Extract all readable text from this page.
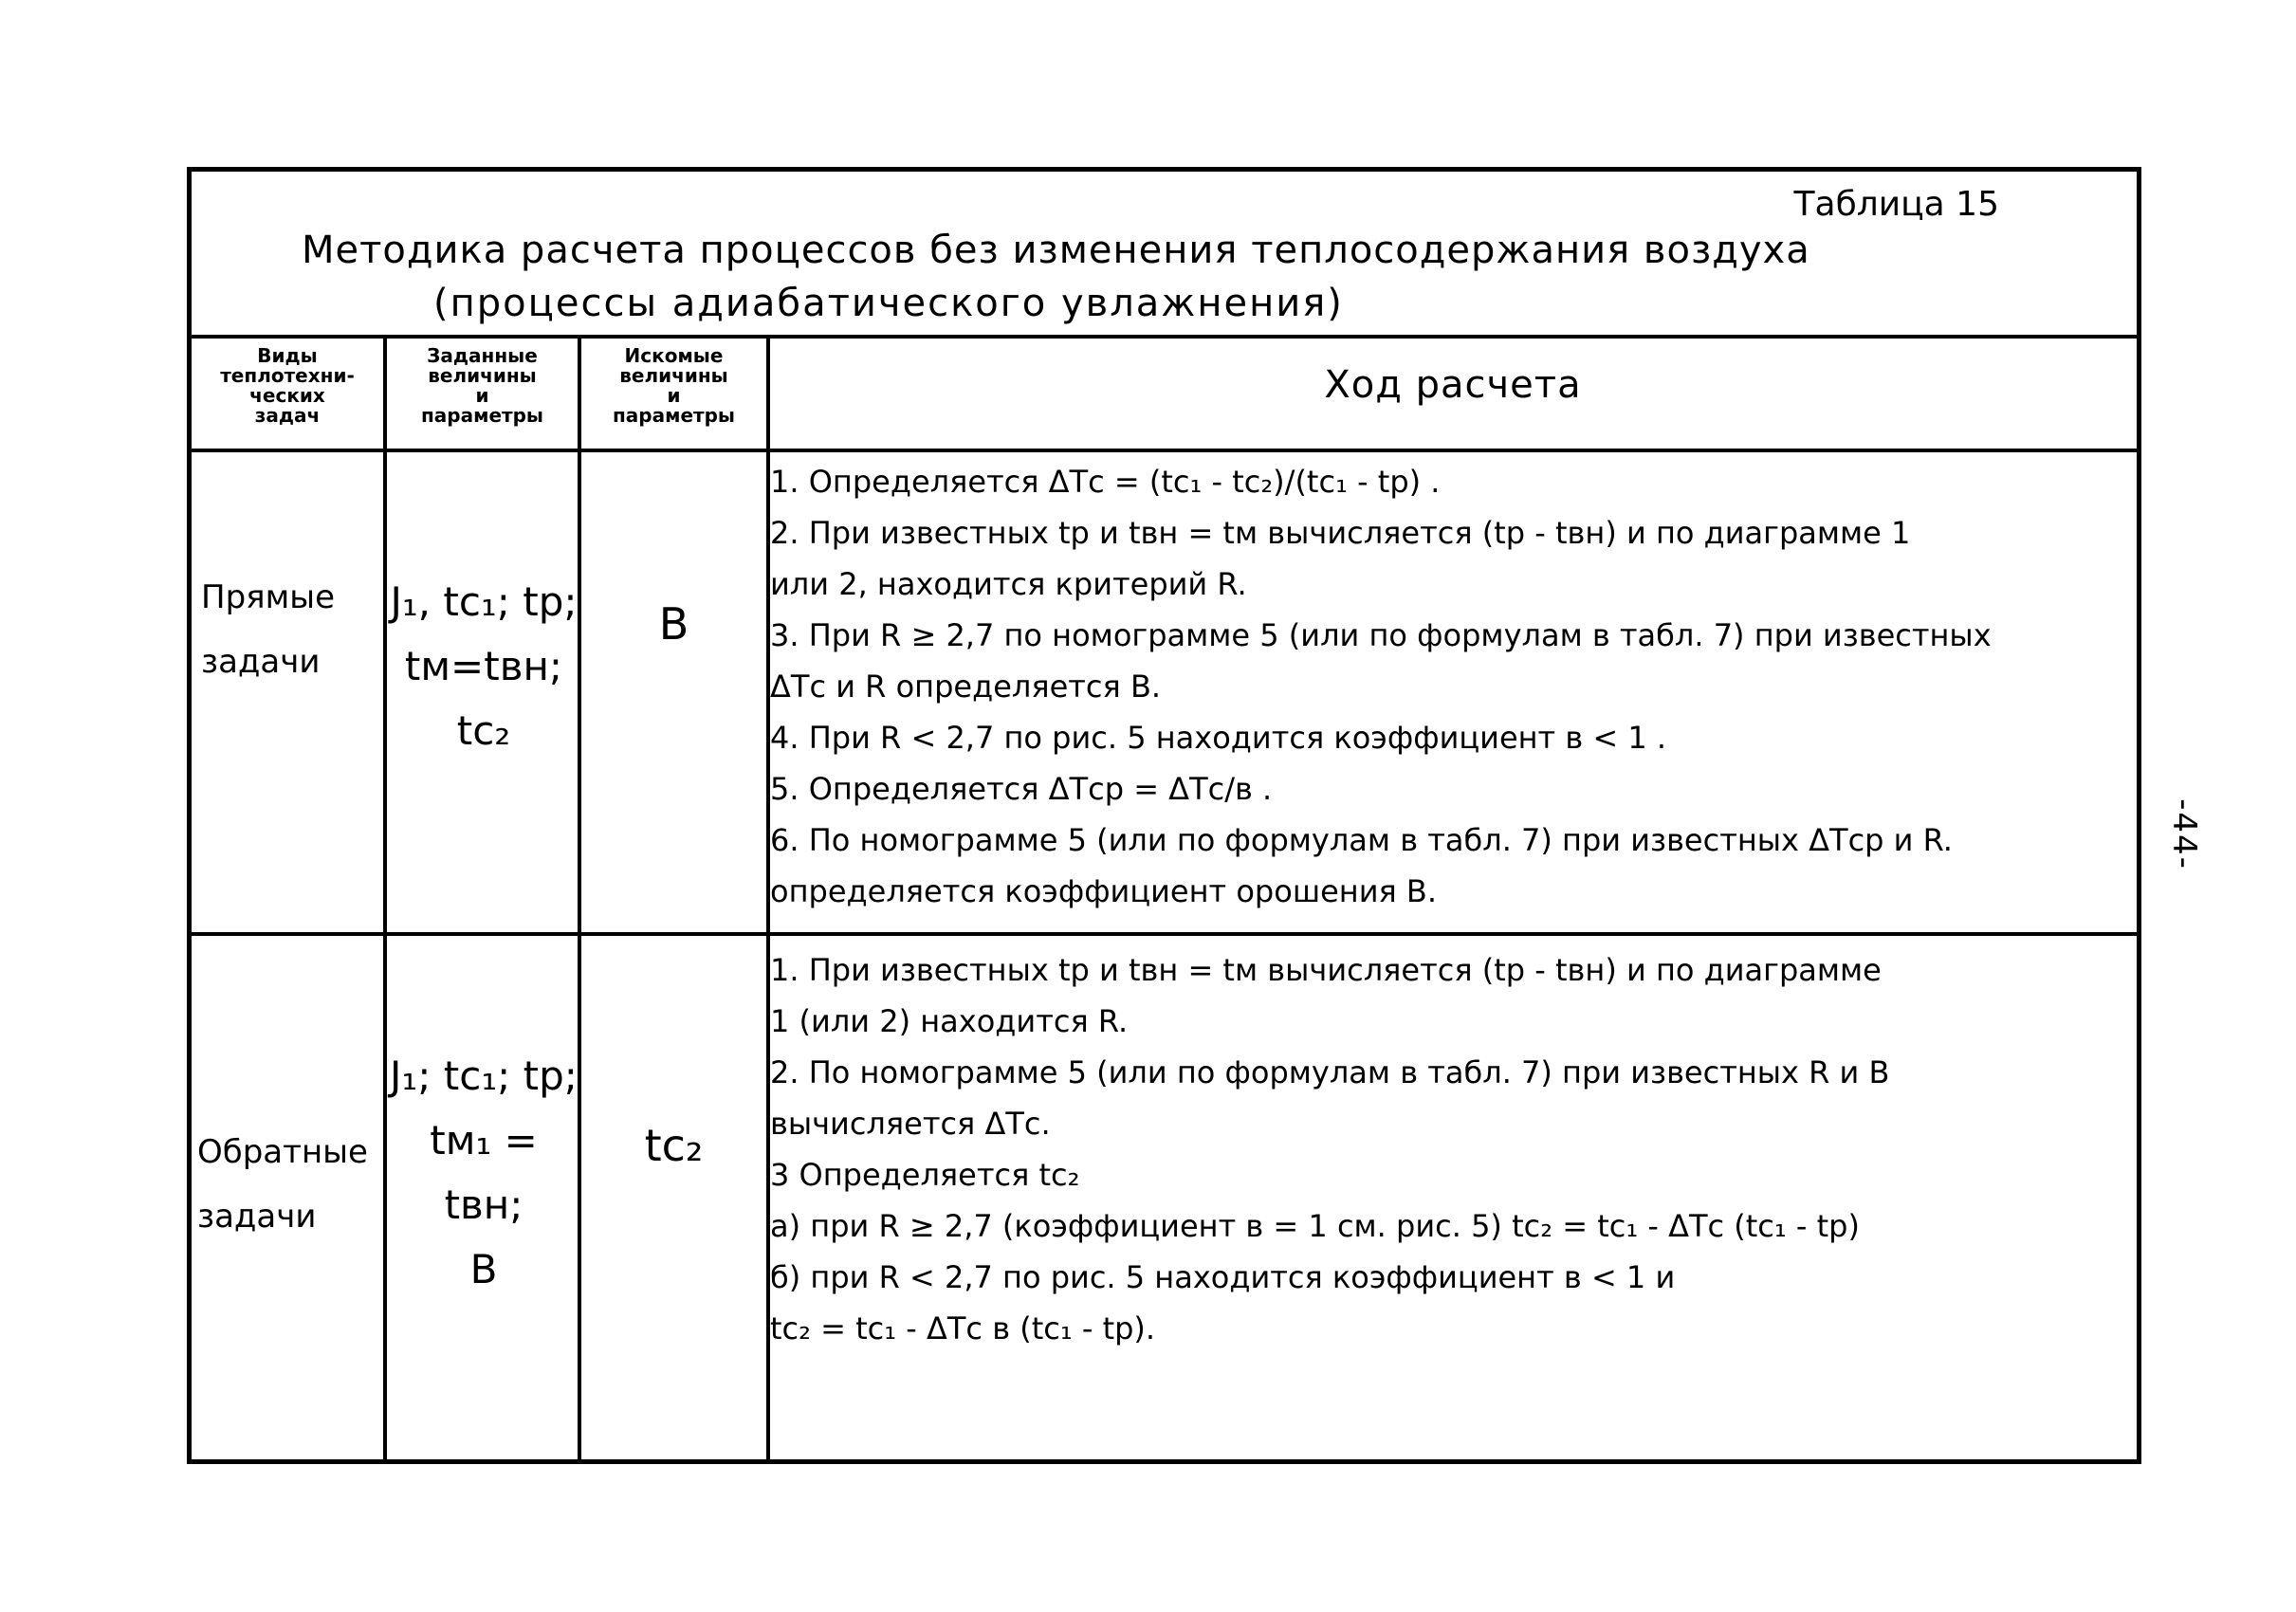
Таблица 15
Методика расчета процессов без изменения теплосодержания воздуха
(процессы адиабатического увлажнения)
Виды
теплотехни-
ческих
задач
Заданные
величины
и
параметры
Искомые
величины
и
параметры
Ход расчета
Прямые
задачи
J₁, tc₁; tр;
tм=tвн; tc₂
В
1. Определяется ΔТс = (tс₁ - tс₂)/(tс₁ - tр) .
2. При известных tр и tвн = tм вычисляется (tр - tвн) и по диаграмме 1
или 2, находится критерий R.
3. При R ≥ 2,7 по номограмме 5 (или по формулам в табл. 7) при известных
ΔТс и R определяется В.
4. При R < 2,7 по рис. 5 находится коэффициент в < 1 .
5. Определяется ΔТср = ΔТс/в .
6. По номограмме 5 (или по формулам в табл. 7) при известных ΔТср и R.
определяется коэффициент орошения В.
Обратные
задачи
J₁; tc₁; tр;
tм₁ = tвн;
В
tc₂
1. При известных tр и tвн = tм вычисляется (tр - tвн) и по диаграмме
1 (или 2) находится R.
2. По номограмме 5 (или по формулам в табл. 7) при известных R и В
вычисляется ΔТс.
3 Определяется tc₂
а) при R ≥ 2,7 (коэффициент в = 1 см. рис. 5) tc₂ = tc₁ - ΔТс (tc₁ - tр)
б) при R < 2,7 по рис. 5 находится коэффициент в < 1 и
tc₂ = tc₁ - ΔТс в (tc₁ - tр).
-44-
